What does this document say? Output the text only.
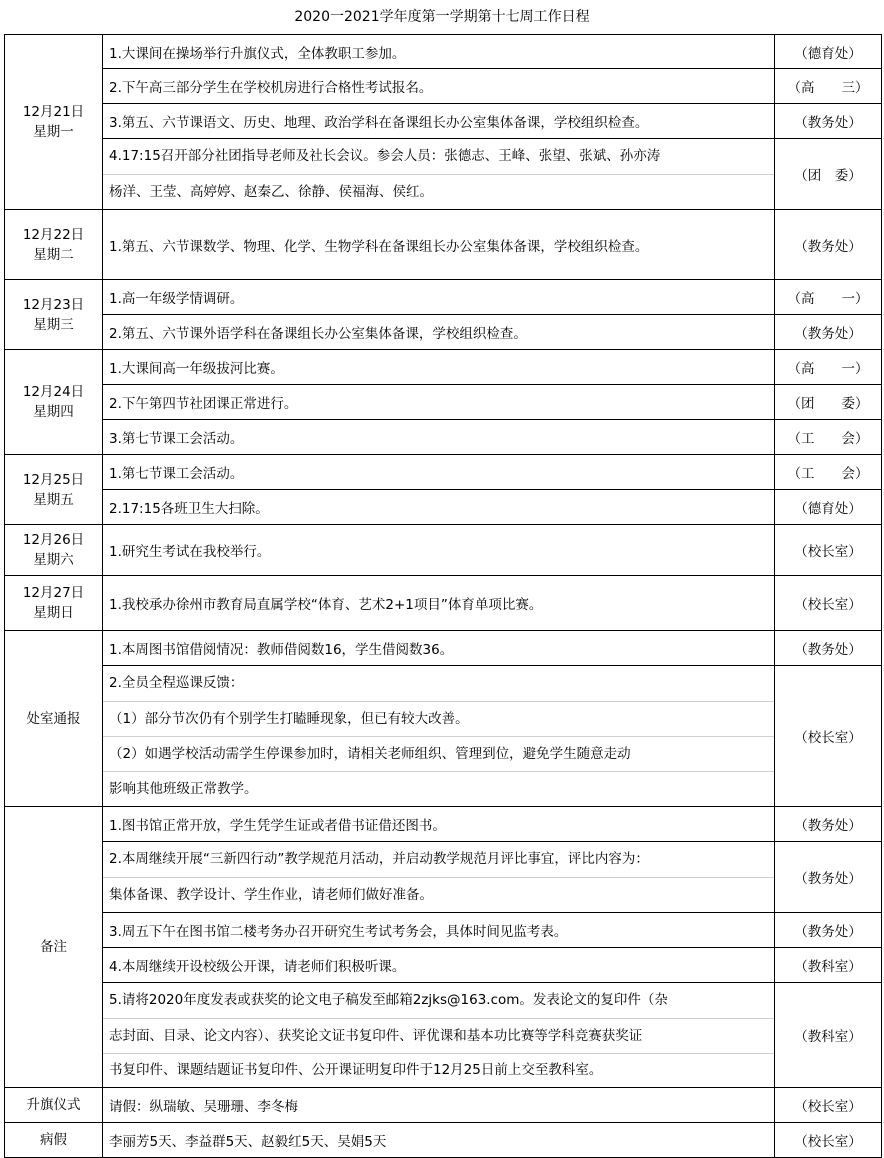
2020一2021学年度第一学期第十七周工作日程
12月21日
星期一	1.大课间在操场举行升旗仪式，全体教职工参加。	（德育处）
	2.下午高三部分学生在学校机房进行合格性考试报名。	（高　　三）
	3.第五、六节课语文、历史、地理、政治学科在备课组长办公室集体备课，学校组织检查。	（教务处）

	4.17:15召开部分社团指导老师及社长会议。参会人员：张德志、王峰、张望、张斌、孙亦涛
杨洋、王莹、高婷婷、赵秦乙、徐静、侯福海、侯红。	（团　委）

12月22日
星期二	1.第五、六节课数学、物理、化学、生物学科在备课组长办公室集体备课，学校组织检查。	（教务处）

12月23日
星期三	1.高一年级学情调研。	（高　　一）
	2.第五、六节课外语学科在备课组长办公室集体备课，学校组织检查。	（教务处）

12月24日
星期四	1.大课间高一年级拔河比赛。	（高　　一）
	2.下午第四节社团课正常进行。	（团　　委）
	3.第七节课工会活动。	（工　　会）

12月25日
星期五	1.第七节课工会活动。	（工　　会）
	2.17:15各班卫生大扫除。	（德育处）

12月26日
星期六	1.研究生考试在我校举行。	（校长室）

12月27日
星期日	1.我校承办徐州市教育局直属学校“体育、艺术2+1项目”体育单项比赛。	（校长室）
处室通报	1.本周图书馆借阅情况：教师借阅数16，学生借阅数36。	（教务处）

	2.全员全程巡课反馈：
（1）部分节次仍有个别学生打瞌睡现象，但已有较大改善。
（2）如遇学校活动需学生停课参加时，请相关老师组织、管理到位，避免学生随意走动
影响其他班级正常教学。	（校长室）
备注	1.图书馆正常开放，学生凭学生证或者借书证借还图书。	（教务处）

	2.本周继续开展“三新四行动”教学规范月活动，并启动教学规范月评比事宜，评比内容为：
集体备课、教学设计、学生作业，请老师们做好准备。	（教务处）
	3.周五下午在图书馆二楼考务办召开研究生考试考务会，具体时间见监考表。	（教务处）
	4.本周继续开设校级公开课，请老师们积极听课。	（教科室）

	5.请将2020年度发表或获奖的论文电子稿发至邮箱2zjks@163.com。发表论文的复印件（杂
志封面、目录、论文内容）、获奖论文证书复印件、评优课和基本功比赛等学科竞赛获奖证
书复印件、课题结题证书复印件、公开课证明复印件于12月25日前上交至教科室。	（教科室）
升旗仪式	请假：纵瑞敏、吴珊珊、李冬梅	（校长室）
病假	李丽芳5天、李益群5天、赵毅红5天、吴娟5天	（校长室）
